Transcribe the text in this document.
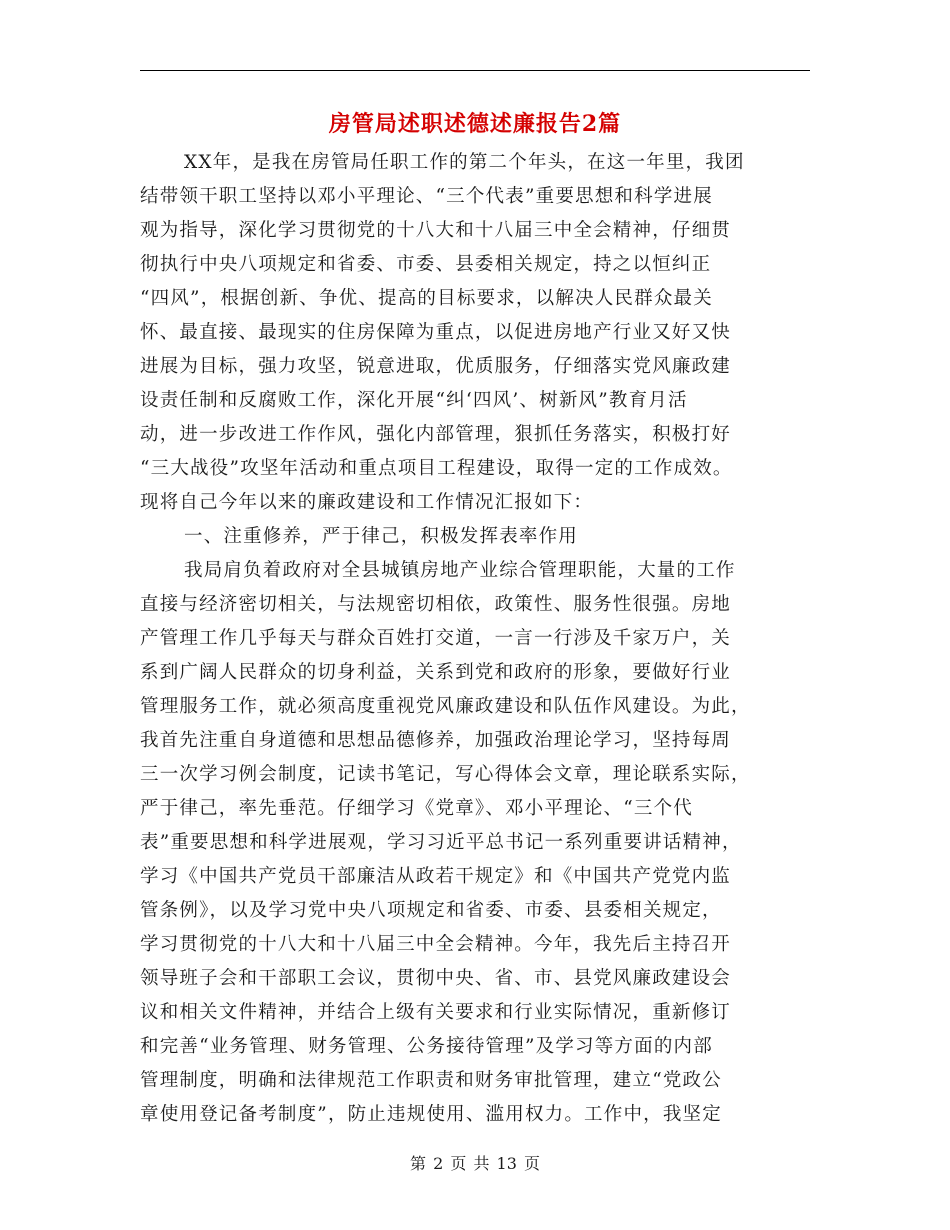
房管局述职述德述廉报告2篇
XX年，是我在房管局任职工作的第二个年头，在这一年里，我团
结带领干职工坚持以邓小平理论、“三个代表”重要思想和科学进展
观为指导，深化学习贯彻党的十八大和十八届三中全会精神，仔细贯
彻执行中央八项规定和省委、市委、县委相关规定，持之以恒纠正
“四风”，根据创新、争优、提高的目标要求，以解决人民群众最关
怀、最直接、最现实的住房保障为重点，以促进房地产行业又好又快
进展为目标，强力攻坚，锐意进取，优质服务，仔细落实党风廉政建
设责任制和反腐败工作，深化开展“纠‘四风’、树新风”教育月活
动，进一步改进工作作风，强化内部管理，狠抓任务落实，积极打好
“三大战役”攻坚年活动和重点项目工程建设，取得一定的工作成效。
现将自己今年以来的廉政建设和工作情况汇报如下：
一、注重修养，严于律己，积极发挥表率作用
我局肩负着政府对全县城镇房地产业综合管理职能，大量的工作
直接与经济密切相关，与法规密切相依，政策性、服务性很强。房地
产管理工作几乎每天与群众百姓打交道，一言一行涉及千家万户，关
系到广阔人民群众的切身利益，关系到党和政府的形象，要做好行业
管理服务工作，就必须高度重视党风廉政建设和队伍作风建设。为此，
我首先注重自身道德和思想品德修养，加强政治理论学习，坚持每周
三一次学习例会制度，记读书笔记，写心得体会文章，理论联系实际，
严于律己，率先垂范。仔细学习《党章》、邓小平理论、“三个代
表”重要思想和科学进展观，学习习近平总书记一系列重要讲话精神，
学习《中国共产党员干部廉洁从政若干规定》和《中国共产党党内监
管条例》，以及学习党中央八项规定和省委、市委、县委相关规定，
学习贯彻党的十八大和十八届三中全会精神。今年，我先后主持召开
领导班子会和干部职工会议，贯彻中央、省、市、县党风廉政建设会
议和相关文件精神，并结合上级有关要求和行业实际情况，重新修订
和完善“业务管理、财务管理、公务接待管理”及学习等方面的内部
管理制度，明确和法律规范工作职责和财务审批管理，建立“党政公
章使用登记备考制度”，防止违规使用、滥用权力。工作中，我坚定
第 2 页 共 13 页
